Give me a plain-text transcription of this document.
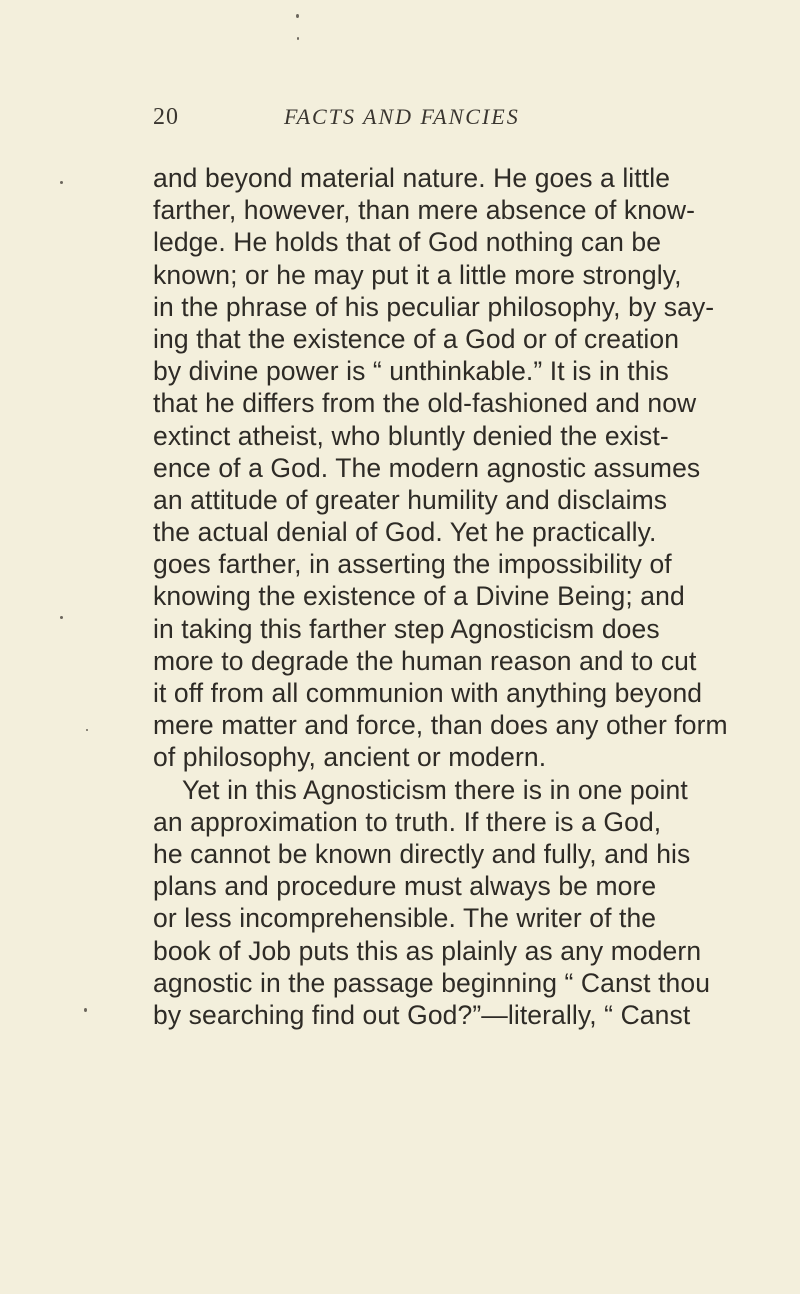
20	FACTS AND FANCIES
and beyond material nature. He goes a little
farther, however, than mere absence of know-
ledge. He holds that of God nothing can be
known; or he may put it a little more strongly,
in the phrase of his peculiar philosophy, by say-
ing that the existence of a God or of creation
by divine power is “ unthinkable.” It is in this
that he differs from the old-fashioned and now
extinct atheist, who bluntly denied the exist-
ence of a God. The modern agnostic assumes
an attitude of greater humility and disclaims
the actual denial of God. Yet he practically.
goes farther, in asserting the impossibility of
knowing the existence of a Divine Being; and
in taking this farther step Agnosticism does
more to degrade the human reason and to cut
it off from all communion with anything beyond
mere matter and force, than does any other form
of philosophy, ancient or modern.
Yet in this Agnosticism there is in one point
an approximation to truth. If there is a God,
he cannot be known directly and fully, and his
plans and procedure must always be more
or less incomprehensible. The writer of the
book of Job puts this as plainly as any modern
agnostic in the passage beginning “ Canst thou
by searching find out God?”—literally, “ Canst
